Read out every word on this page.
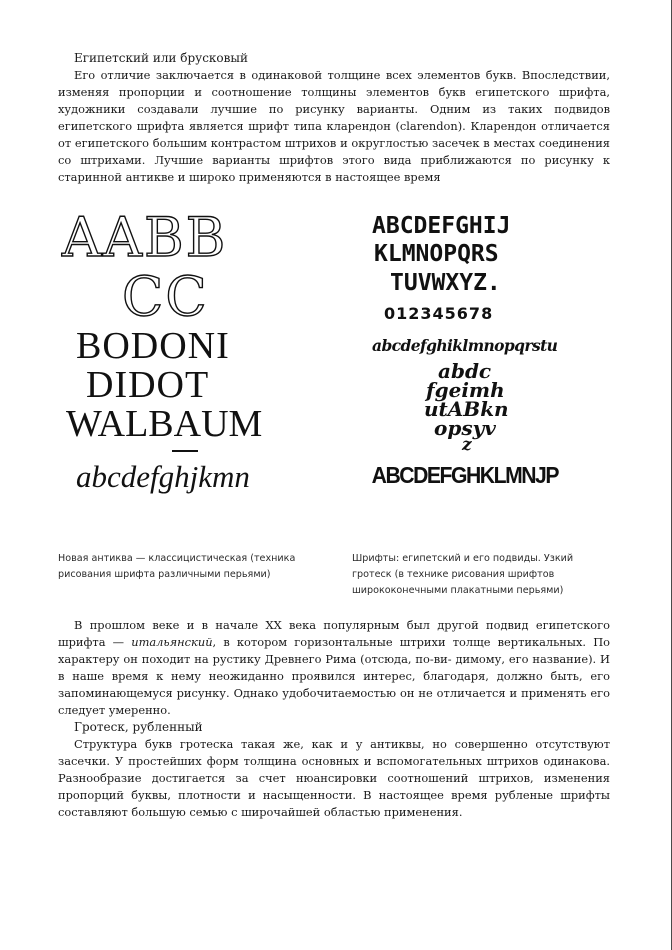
Египетский или брусковый

Его отличие заключается в одинаковой толщине всех элементов букв. Впоследствии, изменяя пропорции и соотношение толщины элементов букв египетского шрифта, художники создавали лучшие по рисунку варианты. Одним из таких подвидов египетского шрифта является шрифт типа кларендон (clarendon). Кларендон отличается от египетского большим контрастом штрихов и округлостью засечек в местах соединения со штрихами. Лучшие варианты шрифтов этого вида приближаются по рисунку к старинной антикве и широко применяются в настоящее время

AABB
CC
BODONI
DIDOT
WALBAUM
abcdefghjkmn
ABCDEFGHIJ
KLMNOPQRS
TUVWXYZ.
012345678
abcdefghiklmnopqrstu
abdc
fgeimh
utABkn
opsyv
z
ABCDEFGHKLMNJP
Новая антиква — классицистическая (техника рисования шрифта различными перьями)
Шрифты: египетский и его подвиды. Узкий гротеск (в технике рисования шрифтов ширококонечными плакатными перьями)

В прошлом веке и в начале XX века популярным был другой подвид египетского шрифта — итальянский, в котором горизонтальные штрихи толще вертикальных. По характеру он походит на рустику Древнего Рима (отсюда, по-ви- димому, его название). И в наше время к нему неожиданно проявился интерес, благодаря, должно быть, его запоминающемуся рисунку. Однако удобочитаемостью он не отличается и применять его следует умеренно.

Гротеск, рубленный

Структура букв гротеска такая же, как и у антиквы, но совершенно отсутствуют засечки. У простейших форм толщина основных и вспомогательных штрихов одинакова. Разнообразие достигается за счет нюансировки соотношений штрихов, изменения пропорций буквы, плотности и насыщенности. В настоящее время рубленые шрифты составляют большую семью с широчайшей областью применения.
